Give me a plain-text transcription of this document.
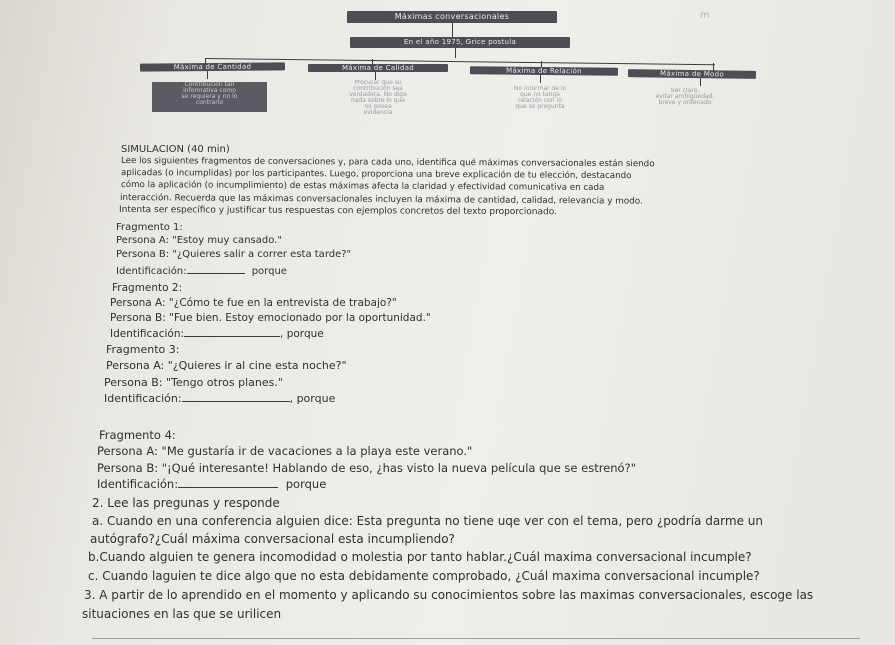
Máximas conversacionales
En el año 1975, Grice postula
Máxima de Cantidad	Máxima de Calidad	Máxima de Relación	Máxima de Modo
Contribución tan
informativa como
se requiera y no lo
contrario
Procurar que su
contribución sea
verdadera. No diga
nada sobre lo que
no posea
evidencia
No informar de lo
que no tenga
relación con lo
que se pregunta
Ser claro,
evitar ambigüedad,
breve y ordenado
m

SIMULACION (40 min)

Lee los siguientes fragmentos de conversaciones y, para cada uno, identifica qué máximas conversacionales están siendo

aplicadas (o incumplidas) por los participantes. Luego, proporciona una breve explicación de tu elección, destacando

cómo la aplicación (o incumplimiento) de estas máximas afecta la claridad y efectividad comunicativa en cada

interacción. Recuerda que las máximas conversacionales incluyen la máxima de cantidad, calidad, relevancia y modo.

Intenta ser específico y justificar tus respuestas con ejemplos concretos del texto proporcionado.

Fragmento 1:

Persona A: "Estoy muy cansado."

Persona B: "¿Quieres salir a correr esta tarde?"

Identificación:	porque

Fragmento 2:

Persona A: "¿Cómo te fue en la entrevista de trabajo?"

Persona B: "Fue bien. Estoy emocionado por la oportunidad."

Identificación:	, porque

Fragmento 3:

Persona A: "¿Quieres ir al cine esta noche?"

Persona B: "Tengo otros planes."

Identificación:	, porque

Fragmento 4:

Persona A: "Me gustaría ir de vacaciones a la playa este verano."

Persona B: "¡Qué interesante! Hablando de eso, ¿has visto la nueva película que se estrenó?"

Identificación:	porque

2. Lee las pregunas y responde

a. Cuando en una conferencia alguien dice: Esta pregunta no tiene uqe ver con el tema, pero ¿podría darme un

autógrafo?¿Cuál máxima conversacional esta incumpliendo?

b.Cuando alguien te genera incomodidad o molestia por tanto hablar.¿Cuál maxima conversacional incumple?

c. Cuando laguien te dice algo que no esta debidamente comprobado, ¿Cuál maxima conversacional incumple?

3. A partir de lo aprendido en el momento y aplicando su conocimientos sobre las maximas conversacionales, escoge las

situaciones en las que se urilicen
